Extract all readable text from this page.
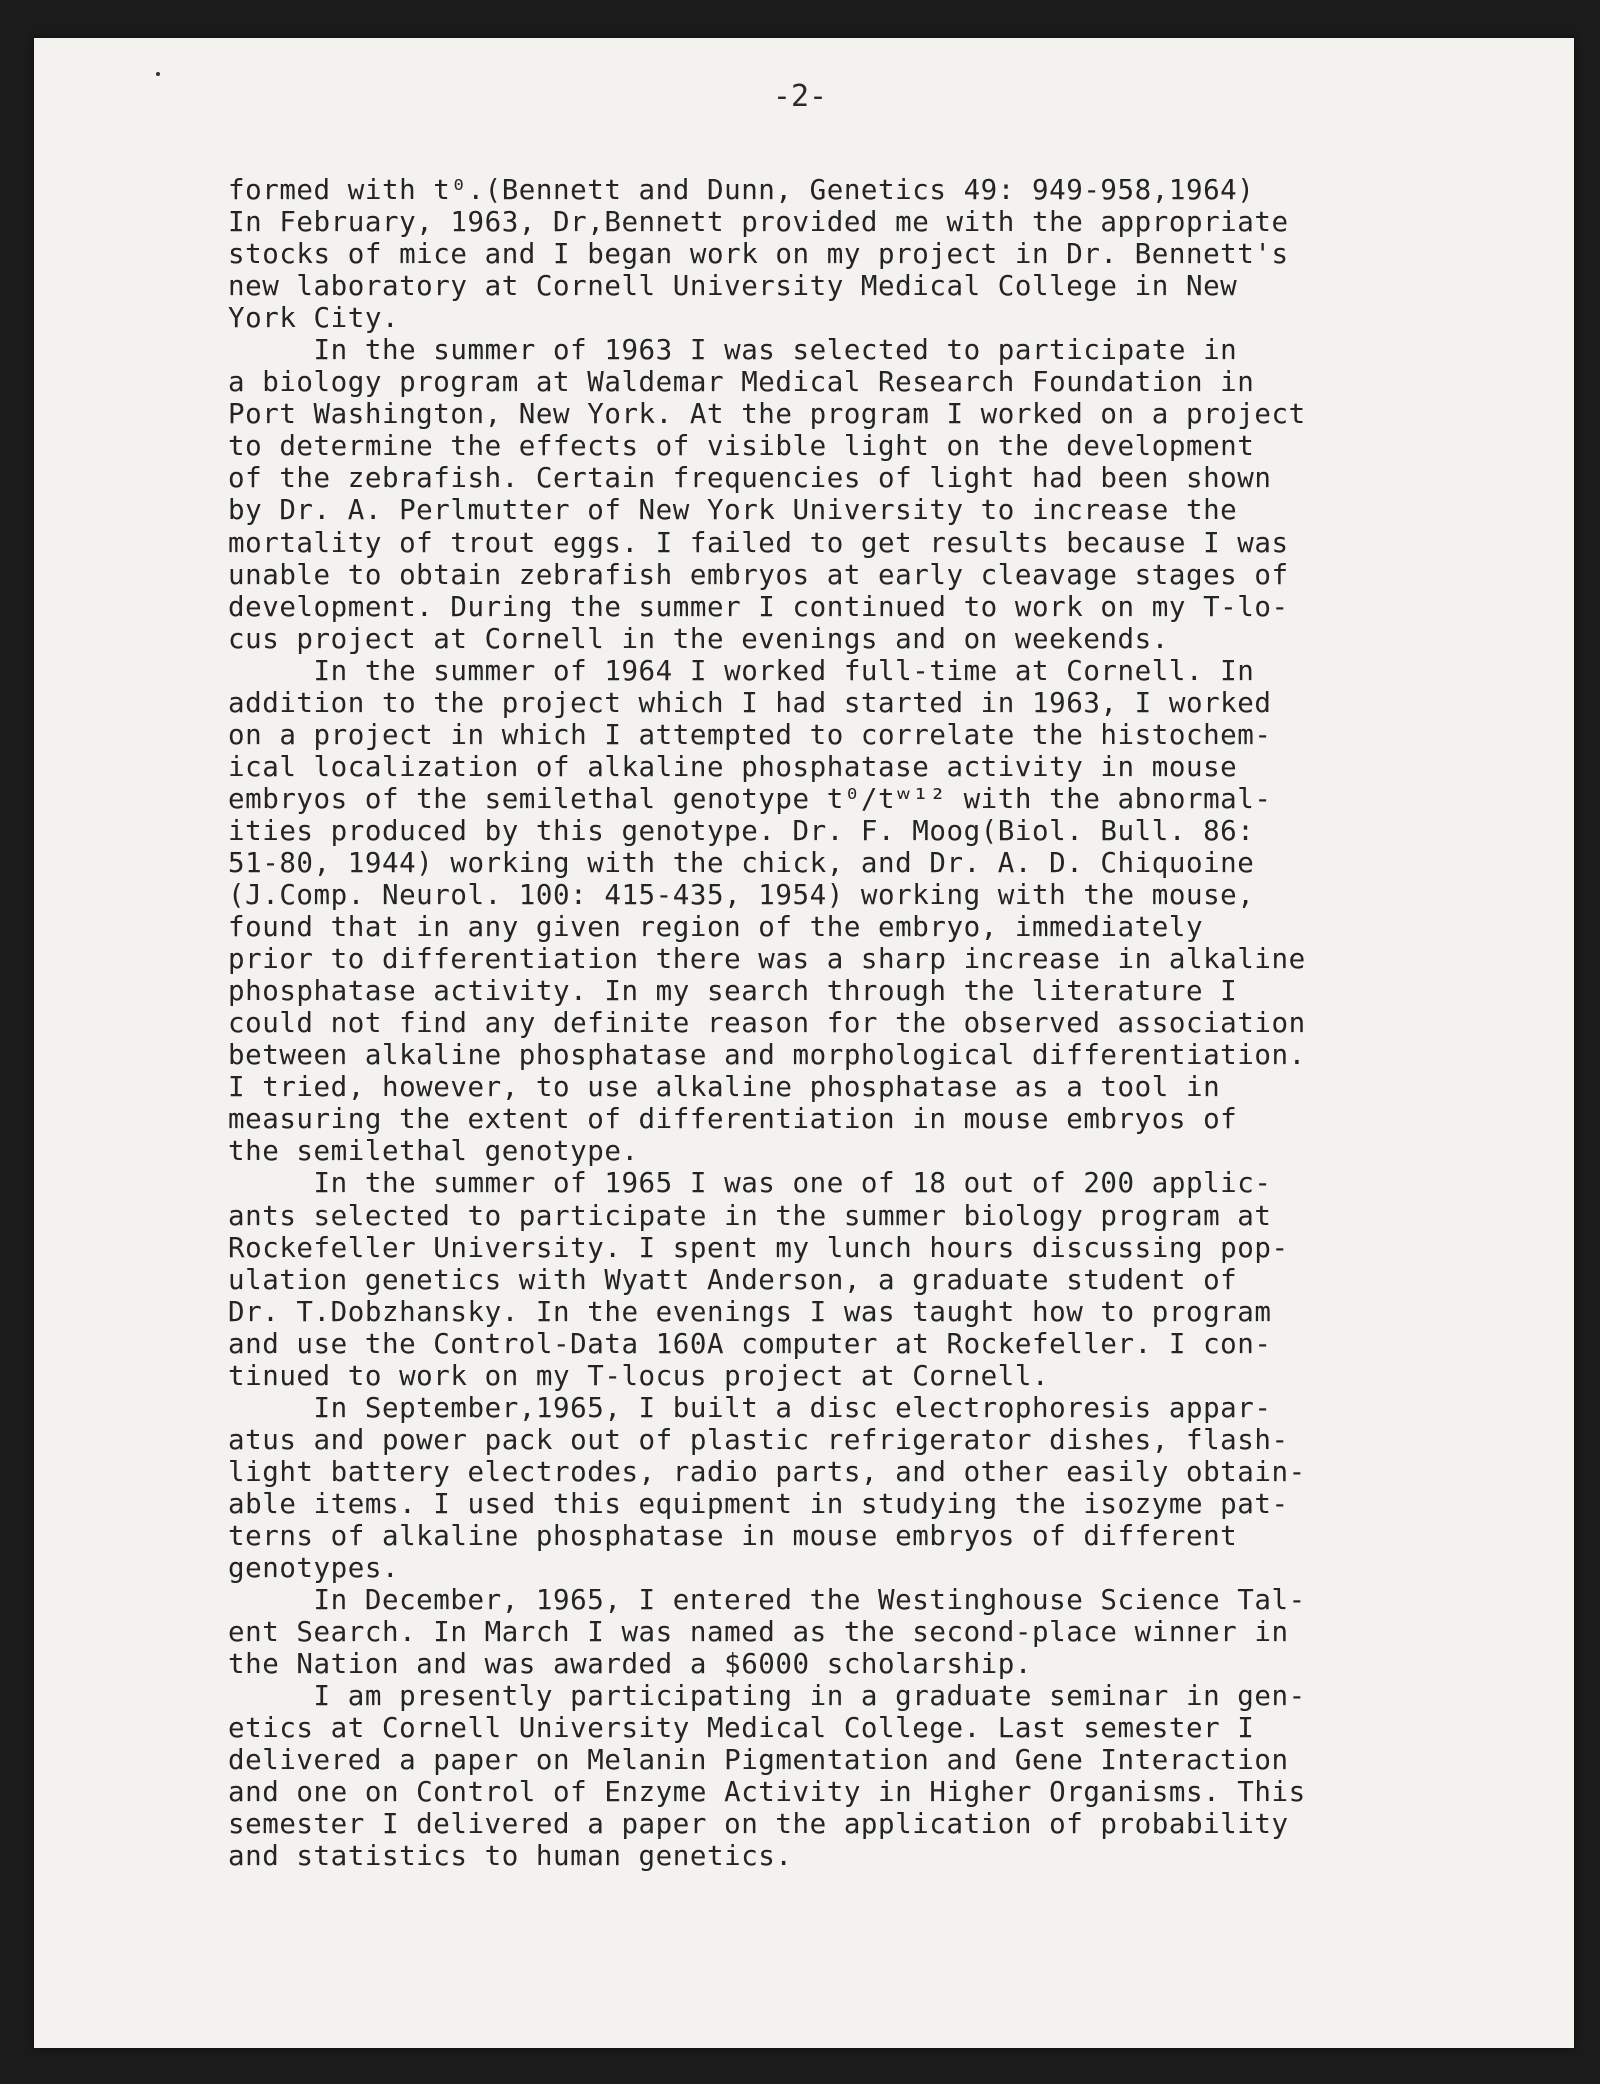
-2-
formed with t⁰.(Bennett and Dunn, Genetics 49: 949-958,1964)
In February, 1963, Dr,Bennett provided me with the appropriate
stocks of mice and I began work on my project in Dr. Bennett's
new laboratory at Cornell University Medical College in New
York City.
In the summer of 1963 I was selected to participate in
a biology program at Waldemar Medical Research Foundation in
Port Washington, New York. At the program I worked on a project
to determine the effects of visible light on the development
of the zebrafish. Certain frequencies of light had been shown
by Dr. A. Perlmutter of New York University to increase the
mortality of trout eggs. I failed to get results because I was
unable to obtain zebrafish embryos at early cleavage stages of
development. During the summer I continued to work on my T-lo-
cus project at Cornell in the evenings and on weekends.
In the summer of 1964 I worked full-time at Cornell. In
addition to the project which I had started in 1963, I worked
on a project in which I attempted to correlate the histochem-
ical localization of alkaline phosphatase activity in mouse
embryos of the semilethal genotype t⁰/tʷ¹² with the abnormal-
ities produced by this genotype. Dr. F. Moog(Biol. Bull. 86:
51-80, 1944) working with the chick, and Dr. A. D. Chiquoine
(J.Comp. Neurol. 100: 415-435, 1954) working with the mouse,
found that in any given region of the embryo, immediately
prior to differentiation there was a sharp increase in alkaline
phosphatase activity. In my search through the literature I
could not find any definite reason for the observed association
between alkaline phosphatase and morphological differentiation.
I tried, however, to use alkaline phosphatase as a tool in
measuring the extent of differentiation in mouse embryos of
the semilethal genotype.
In the summer of 1965 I was one of 18 out of 200 applic-
ants selected to participate in the summer biology program at
Rockefeller University. I spent my lunch hours discussing pop-
ulation genetics with Wyatt Anderson, a graduate student of
Dr. T.Dobzhansky. In the evenings I was taught how to program
and use the Control-Data 160A computer at Rockefeller. I con-
tinued to work on my T-locus project at Cornell.
In September,1965, I built a disc electrophoresis appar-
atus and power pack out of plastic refrigerator dishes, flash-
light battery electrodes, radio parts, and other easily obtain-
able items. I used this equipment in studying the isozyme pat-
terns of alkaline phosphatase in mouse embryos of different
genotypes.
In December, 1965, I entered the Westinghouse Science Tal-
ent Search. In March I was named as the second-place winner in
the Nation and was awarded a $6000 scholarship.
I am presently participating in a graduate seminar in gen-
etics at Cornell University Medical College. Last semester I
delivered a paper on Melanin Pigmentation and Gene Interaction
and one on Control of Enzyme Activity in Higher Organisms. This
semester I delivered a paper on the application of probability
and statistics to human genetics.
